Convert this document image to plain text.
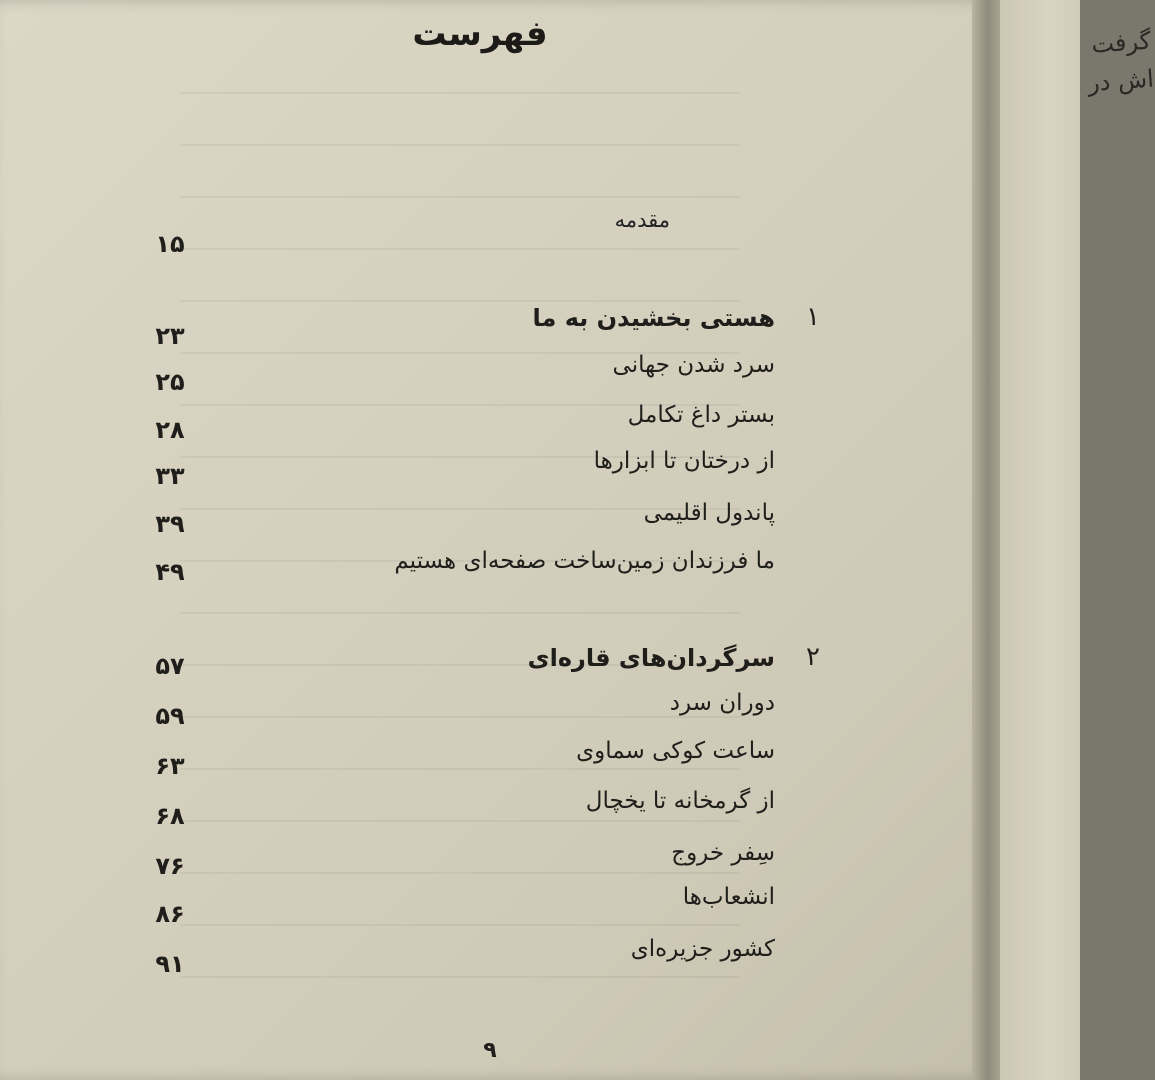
فهرست
مقدمه
۱۵
۱
هستی بخشیدن به ما
۲۳
سرد شدن جهانی
۲۵
بستر داغ تکامل
۲۸
از درختان تا ابزارها
۳۳
پاندول اقلیمی
۳۹
ما فرزندان زمین‌ساخت صفحه‌ای هستیم
۴۹
۲
سرگردان‌های قاره‌ای
۵۷
دوران سرد
۵۹
ساعت کوکی سماوی
۶۳
از گرمخانه تا یخچال
۶۸
سِفر خروج
۷۶
انشعاب‌ها
۸۶
کشور جزیره‌ای
۹۱
۹
گرفت
اش در
